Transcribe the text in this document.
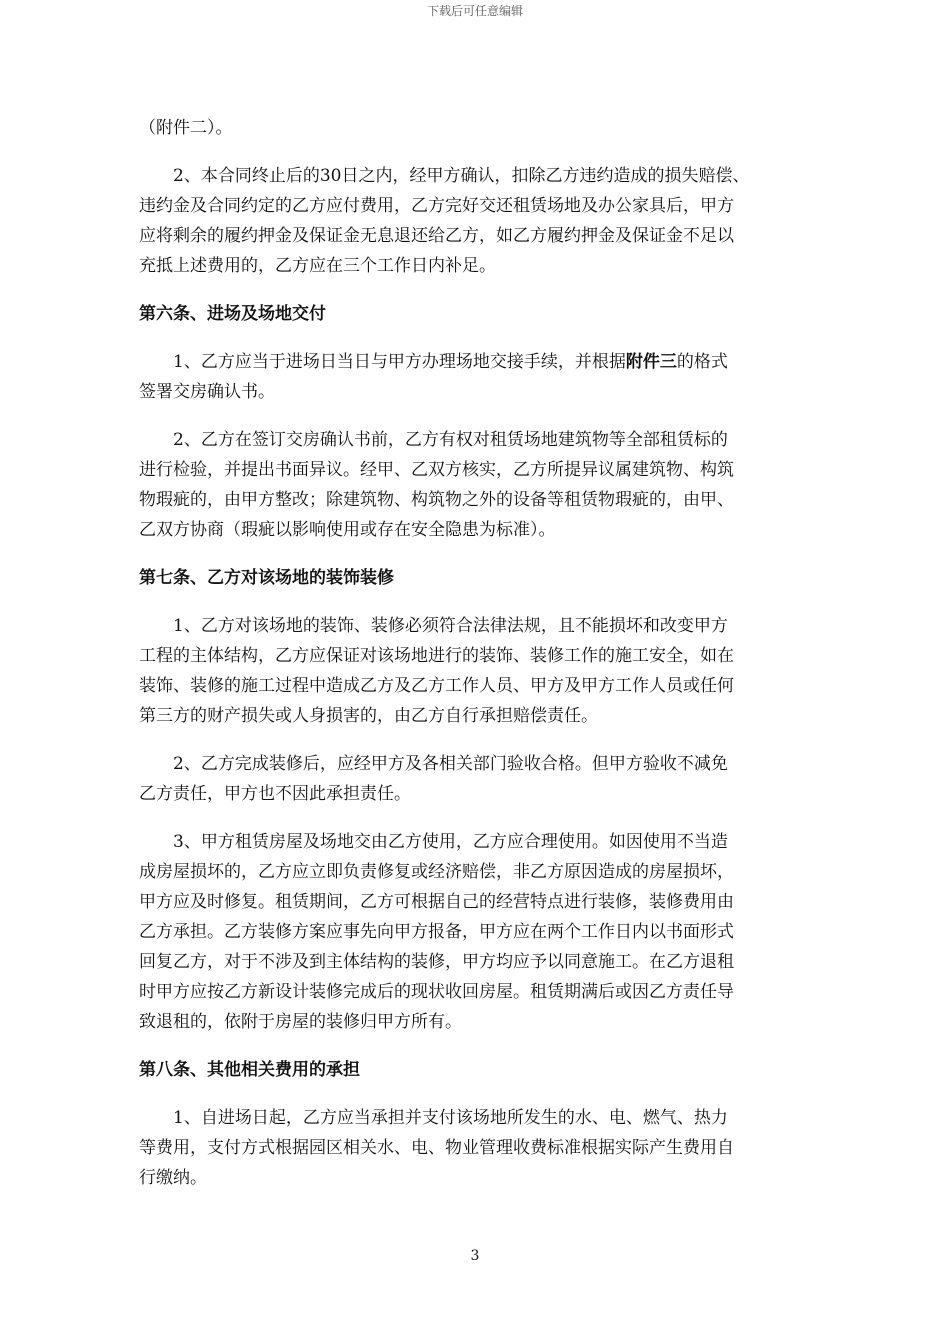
下载后可任意编辑

（附件二）。

2、本合同终止后的30日之内，经甲方确认，扣除乙方违约造成的损失赔偿、
违约金及合同约定的乙方应付费用，乙方完好交还租赁场地及办公家具后，甲方
应将剩余的履约押金及保证金无息退还给乙方，如乙方履约押金及保证金不足以
充抵上述费用的，乙方应在三个工作日内补足。

第六条、进场及场地交付

1、乙方应当于进场日当日与甲方办理场地交接手续，并根据附件三的格式
签署交房确认书。

2、乙方在签订交房确认书前，乙方有权对租赁场地建筑物等全部租赁标的
进行检验，并提出书面异议。经甲、乙双方核实，乙方所提异议属建筑物、构筑
物瑕疵的，由甲方整改；除建筑物、构筑物之外的设备等租赁物瑕疵的，由甲、
乙双方协商（瑕疵以影响使用或存在安全隐患为标准）。

第七条、乙方对该场地的装饰装修

1、乙方对该场地的装饰、装修必须符合法律法规，且不能损坏和改变甲方
工程的主体结构，乙方应保证对该场地进行的装饰、装修工作的施工安全，如在
装饰、装修的施工过程中造成乙方及乙方工作人员、甲方及甲方工作人员或任何
第三方的财产损失或人身损害的，由乙方自行承担赔偿责任。

2、乙方完成装修后，应经甲方及各相关部门验收合格。但甲方验收不减免
乙方责任，甲方也不因此承担责任。

3、甲方租赁房屋及场地交由乙方使用，乙方应合理使用。如因使用不当造
成房屋损坏的，乙方应立即负责修复或经济赔偿，非乙方原因造成的房屋损坏，
甲方应及时修复。租赁期间，乙方可根据自己的经营特点进行装修，装修费用由
乙方承担。乙方装修方案应事先向甲方报备，甲方应在两个工作日内以书面形式
回复乙方，对于不涉及到主体结构的装修，甲方均应予以同意施工。在乙方退租
时甲方应按乙方新设计装修完成后的现状收回房屋。租赁期满后或因乙方责任导
致退租的，依附于房屋的装修归甲方所有。

第八条、其他相关费用的承担

1、自进场日起，乙方应当承担并支付该场地所发生的水、电、燃气、热力
等费用，支付方式根据园区相关水、电、物业管理收费标准根据实际产生费用自
行缴纳。

3
